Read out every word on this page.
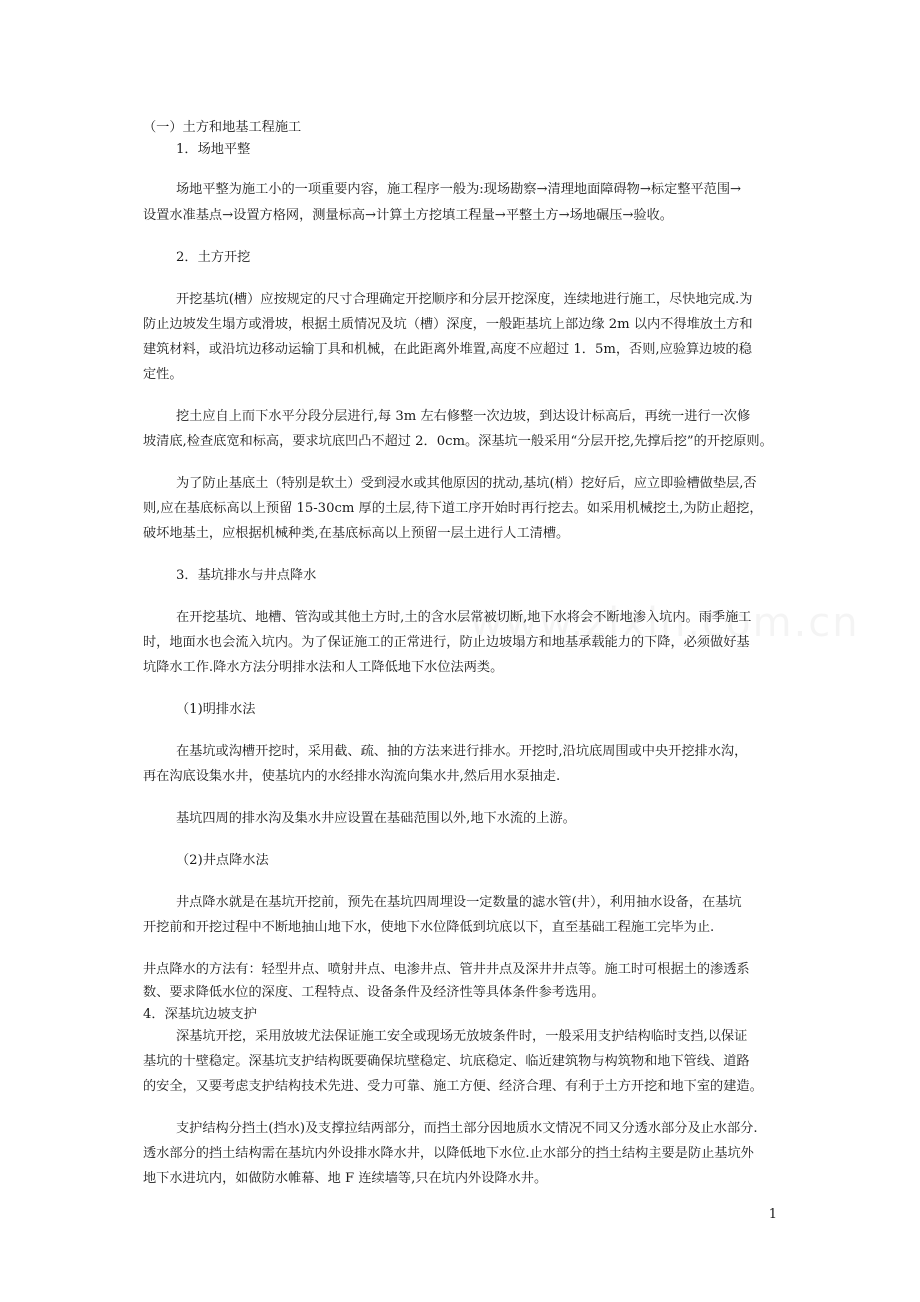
（一）土方和地基工程施工
1．场地平整
场地平整为施工小的一项重要内容，施工程序一般为:现场勘察→清理地面障碍物→标定整平范围→
设置水准基点→设置方格网，测量标高→计算土方挖填工程量→平整土方→场地碾压→验收。
2．土方开挖
开挖基坑(槽）应按规定的尺寸合理确定开挖顺序和分层开挖深度，连续地进行施工，尽快地完成.为
防止边坡发生塌方或滑坡，根据土质情况及坑（槽）深度，一般距基坑上部边缘 2m 以内不得堆放土方和
建筑材料，或沿坑边移动运输丁具和机械，在此距离外堆置,高度不应超过 1．5m，否则,应验算边坡的稳
定性。
挖土应自上而下水平分段分层进行,每 3m 左右修整一次边坡，到达设计标高后，再统一进行一次修
坡清底,检查底宽和标高，要求坑底凹凸不超过 2．0cm。深基坑一般采用“分层开挖,先撑后挖”的开挖原则。
为了防止基底土（特别是软土）受到浸水或其他原因的扰动,基坑(梢）挖好后，应立即验槽做垫层,否
则,应在基底标高以上预留 15-30cm 厚的土层,待下道工序开始时再行挖去。如采用机械挖土,为防止超挖，
破坏地基土，应根据机械种类,在基底标高以上预留一层土进行人工清槽。
3．基坑排水与井点降水
在开挖基坑、地槽、管沟或其他土方时,土的含水层常被切断,地下水将会不断地渗入坑内。雨季施工
时，地面水也会流入坑内。为了保证施工的正常进行，防止边坡塌方和地基承载能力的下降，必须做好基
坑降水工作.降水方法分明排水法和人工降低地下水位法两类。
（1)明排水法
在基坑或沟槽开挖时，采用截、疏、抽的方法来进行排水。开挖时,沿坑底周围或中央开挖排水沟，
再在沟底设集水井，使基坑内的水经排水沟流向集水井,然后用水泵抽走.
基坑四周的排水沟及集水井应设置在基础范围以外,地下水流的上游。
（2)井点降水法
井点降水就是在基坑开挖前，预先在基坑四周埋设一定数量的滤水管(井），利用抽水设备，在基坑
开挖前和开挖过程中不断地抽山地下水，使地下水位降低到坑底以下，直至基础工程施工完毕为止.
井点降水的方法有：轻型井点、喷射井点、电渗井点、管井井点及深井井点等。施工时可根据土的渗透系
数、要求降低水位的深度、工程特点、设备条件及经济性等具体条件参考选用。
4．深基坑边坡支护
深基坑开挖，采用放坡尤法保证施工安全或现场无放坡条件时，一般采用支护结构临时支挡,以保证
基坑的十壁稳定。深基坑支护结构既要确保坑壁稳定、坑底稳定、临近建筑物与构筑物和地下管线、道路
的安全，又要考虑支护结构技术先进、受力可靠、施工方便、经济合理、有利于土方开挖和地下室的建造。
支护结构分挡土(挡水)及支撑拉结两部分，而挡土部分因地质水文情况不同又分透水部分及止水部分.
透水部分的挡土结构需在基坑内外设排水降水井，以降低地下水位.止水部分的挡土结构主要是防止基坑外
地下水进坑内，如做防水帷幕、地 F 连续墙等,只在坑内外设降水井。
1
